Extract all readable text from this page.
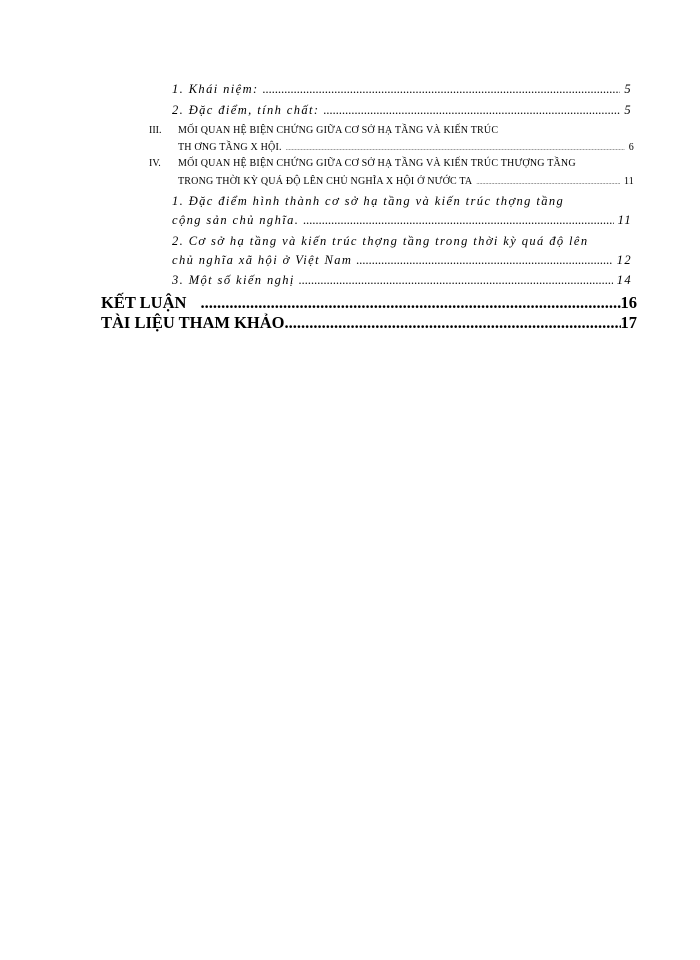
1. Khái niệm: .....	5
2. Đặc điểm, tính chất: .....	5
III. MỐI QUAN HỆ BIỆN CHỨNG GIỮA CƠ SỞ HẠ TẦNG VÀ KIẾN TRÚC
TH ƠNG TẦNG X HỘI. .....	6
IV. MỐI QUAN HỆ BIỆN CHỨNG GIỮA CƠ SỞ HẠ TẦNG VÀ KIẾN TRÚC THƯỢNG TẦNG
TRONG THỜI KỲ QUÁ ĐỘ LÊN CHỦ NGHĨA X HỘI Ở NƯỚC TA .....	11
1. Đặc điểm hình thành cơ sở hạ tầng và kiến trúc thợng tầng
cộng sản chủ nghĩa. .....	11
2. Cơ sở hạ tầng và kiến trúc thợng tầng trong thời kỳ quá độ lên
chủ nghĩa xã hội ở Việt Nam .....	12
3. Một số kiến nghị .....	14
KẾT LUẬN .....	16
TÀI LIỆU THAM KHẢO .....	17
